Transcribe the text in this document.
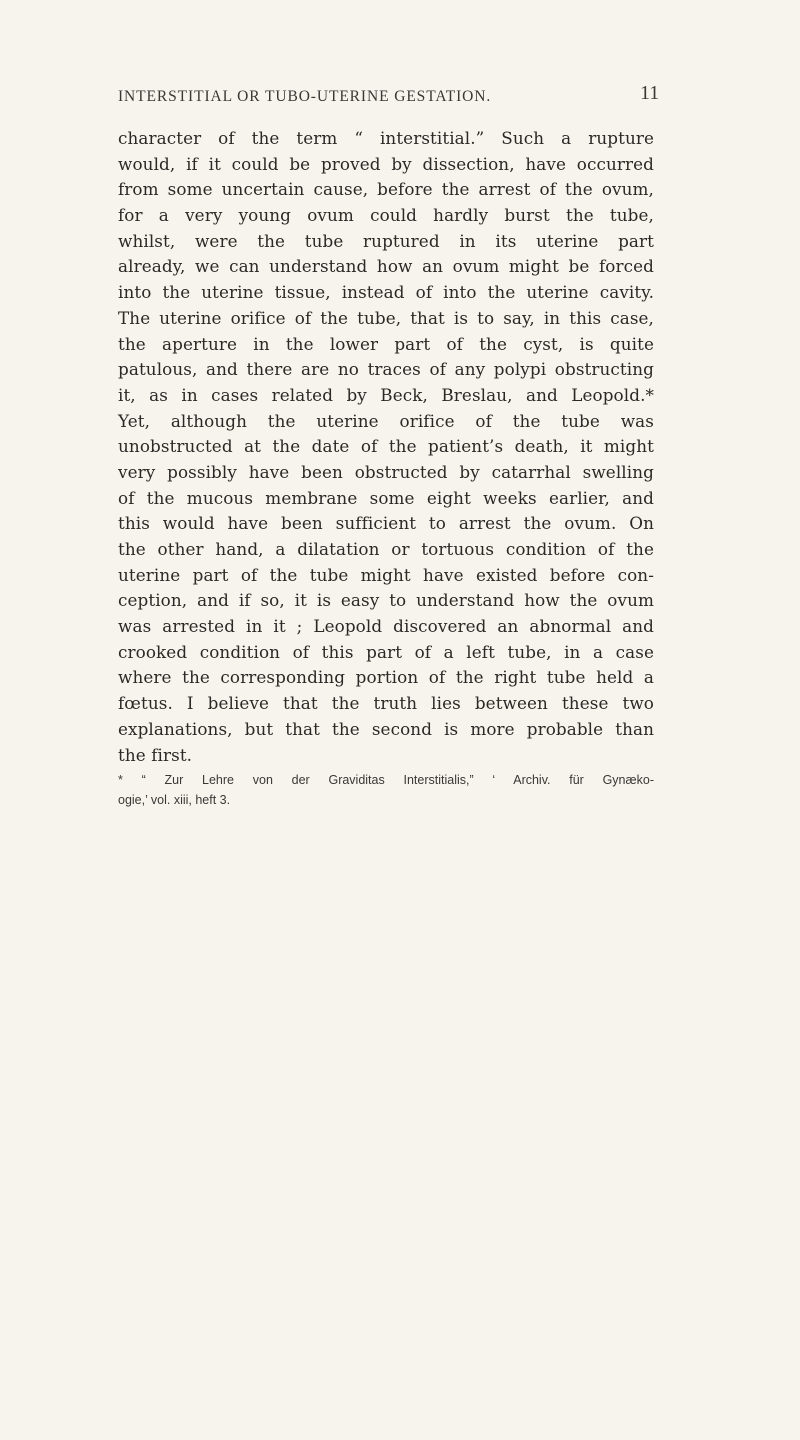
INTERSTITIAL OR TUBO-UTERINE GESTATION.	11
character of the term “ interstitial.” Such a rupture
would, if it could be proved by dissection, have occurred
from some uncertain cause, before the arrest of the ovum,
for a very young ovum could hardly burst the tube,
whilst, were the tube ruptured in its uterine part
already, we can understand how an ovum might be forced
into the uterine tissue, instead of into the uterine cavity.
The uterine orifice of the tube, that is to say, in this case,
the aperture in the lower part of the cyst, is quite
patulous, and there are no traces of any polypi obstructing
it, as in cases related by Beck, Breslau, and Leopold.*
Yet, although the uterine orifice of the tube was
unobstructed at the date of the patient’s death, it might
very possibly have been obstructed by catarrhal swelling
of the mucous membrane some eight weeks earlier, and
this would have been sufficient to arrest the ovum. On
the other hand, a dilatation or tortuous condition of the
uterine part of the tube might have existed before con-
ception, and if so, it is easy to understand how the ovum
was arrested in it ; Leopold discovered an abnormal and
crooked condition of this part of a left tube, in a case
where the corresponding portion of the right tube held a
fœtus. I believe that the truth lies between these two
explanations, but that the second is more probable than
the first.
* “ Zur Lehre von der Graviditas Interstitialis,” ‘ Archiv. für Gynæko-
ogie,’ vol. xiii, heft 3.
